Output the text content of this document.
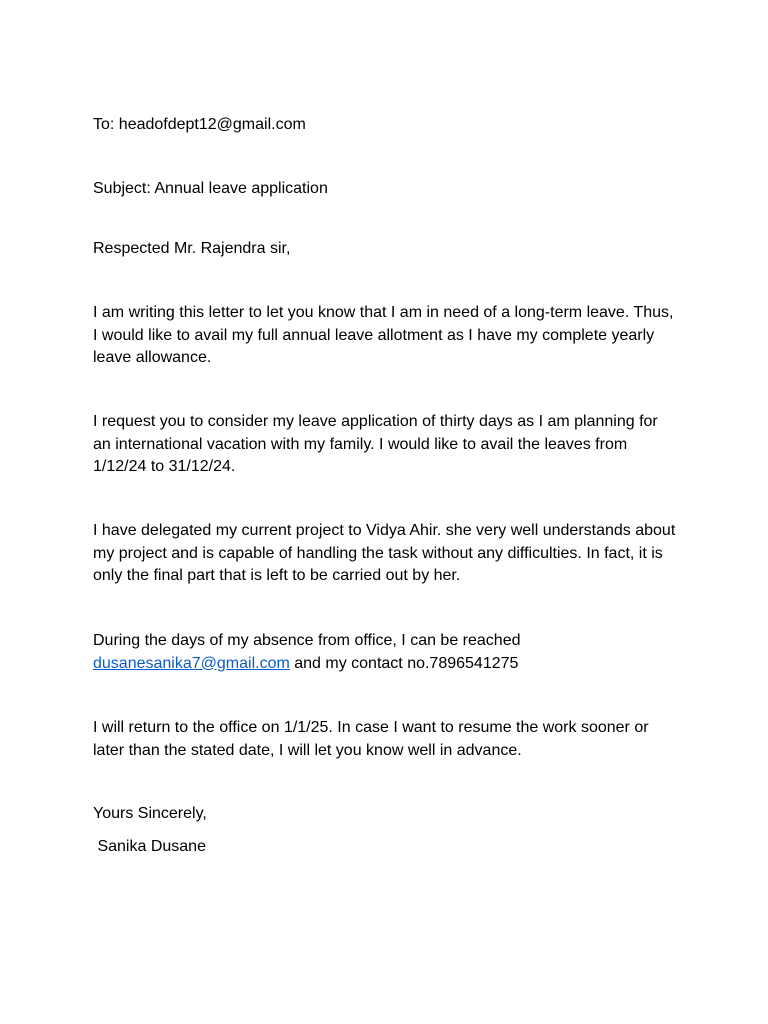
To: headofdept12@gmail.com
Subject: Annual leave application
Respected Mr. Rajendra sir,
I am writing this letter to let you know that I am in need of a long-term leave. Thus, I would like to avail my full annual leave allotment as I have my complete yearly leave allowance.
I request you to consider my leave application of thirty days as I am planning for an international vacation with my family. I would like to avail the leaves from 1/12/24 to 31/12/24.
I have delegated my current project to Vidya Ahir. she very well understands about my project and is capable of handling the task without any difficulties. In fact, it is only the final part that is left to be carried out by her.
During the days of my absence from office, I can be reached
dusanesanika7@gmail.com and my contact no.7896541275
I will return to the office on 1/1/25. In case I want to resume the work sooner or later than the stated date, I will let you know well in advance.
Yours Sincerely,
Sanika Dusane
